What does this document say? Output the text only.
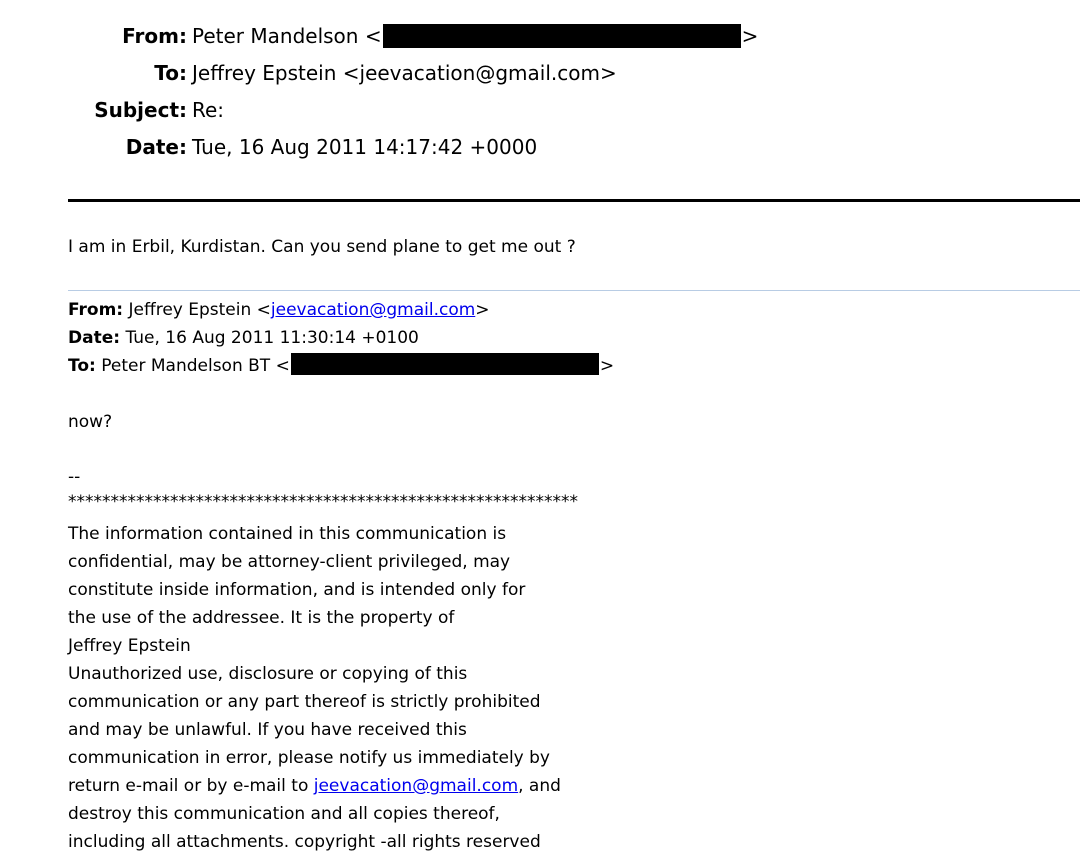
From: Peter Mandelson <	>
To: Jeffrey Epstein <jeevacation@gmail.com>
Subject: Re:
Date: Tue, 16 Aug 2011 14:17:42 +0000
I am in Erbil, Kurdistan. Can you send plane to get me out ?
From: Jeffrey Epstein <jeevacation@gmail.com>
Date: Tue, 16 Aug 2011 11:30:14 +0100
To: Peter Mandelson BT <	>
now?
--
************************************************************
The information contained in this communication is
confidential, may be attorney-client privileged, may
constitute inside information, and is intended only for
the use of the addressee. It is the property of
Jeffrey Epstein
Unauthorized use, disclosure or copying of this
communication or any part thereof is strictly prohibited
and may be unlawful. If you have received this
communication in error, please notify us immediately by
return e-mail or by e-mail to jeevacation@gmail.com, and
destroy this communication and all copies thereof,
including all attachments. copyright -all rights reserved
